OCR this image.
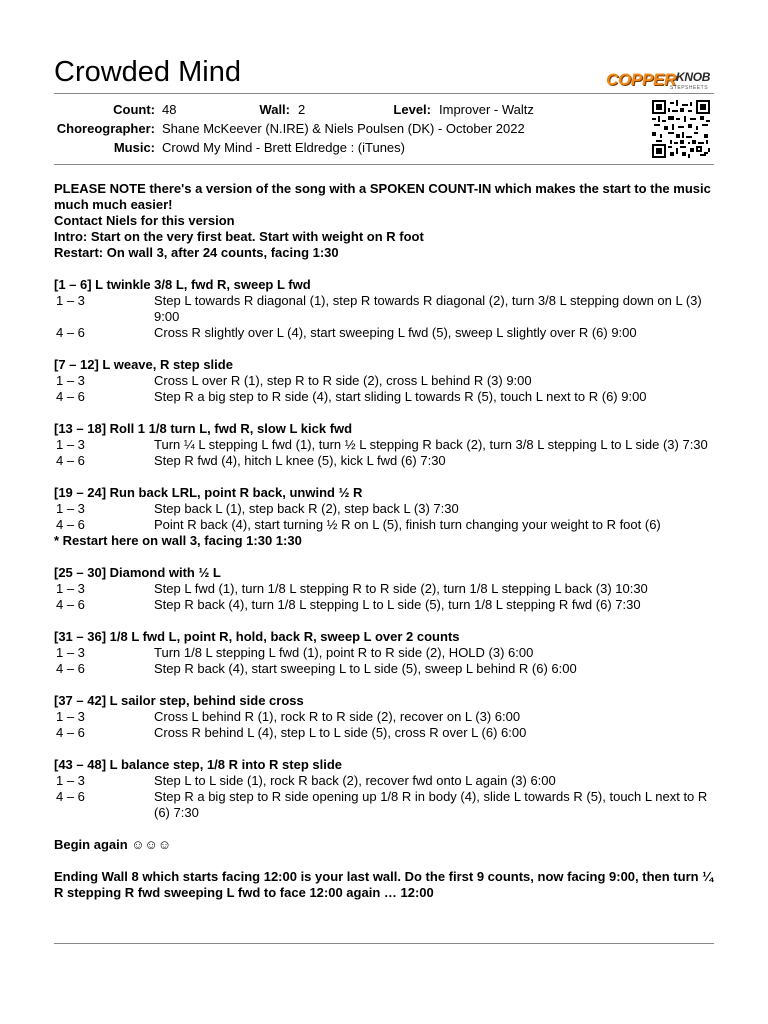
Crowded Mind	$COPPER^{KNOB}$
STEPSHEETS
Count: 48	Wall: 2	Level: Improver - Waltz
Choreographer: Shane McKeever (N.IRE) & Niels Poulsen (DK) - October 2022
Music: Crowd My Mind - Brett Eldredge : (iTunes)
PLEASE NOTE there's a version of the song with a SPOKEN COUNT-IN which makes the start to the music much much easier!
Contact Niels for this version
Intro: Start on the very first beat. Start with weight on R foot
Restart: On wall 3, after 24 counts, facing 1:30
[1 – 6] L twinkle 3/8 L, fwd R, sweep L fwd
1 – 3	Step L towards R diagonal (1), step R towards R diagonal (2), turn 3/8 L stepping down on L (3) 9:00
4 – 6	Cross R slightly over L (4), start sweeping L fwd (5), sweep L slightly over R (6) 9:00
[7 – 12] L weave, R step slide
1 – 3	Cross L over R (1), step R to R side (2), cross L behind R (3) 9:00
4 – 6	Step R a big step to R side (4), start sliding L towards R (5), touch L next to R (6) 9:00
[13 – 18] Roll 1 1/8 turn L, fwd R, slow L kick fwd
1 – 3	Turn ¼ L stepping L fwd (1), turn ½ L stepping R back (2), turn 3/8 L stepping L to L side (3) 7:30
4 – 6	Step R fwd (4), hitch L knee (5), kick L fwd (6) 7:30
[19 – 24] Run back LRL, point R back, unwind ½ R
1 – 3	Step back L (1), step back R (2), step back L (3) 7:30
4 – 6	Point R back (4), start turning ½ R on L (5), finish turn changing your weight to R foot (6)
* Restart here on wall 3, facing 1:30 1:30
[25 – 30] Diamond with ½ L
1 – 3	Step L fwd (1), turn 1/8 L stepping R to R side (2), turn 1/8 L stepping L back (3) 10:30
4 – 6	Step R back (4), turn 1/8 L stepping L to L side (5), turn 1/8 L stepping R fwd (6) 7:30
[31 – 36] 1/8 L fwd L, point R, hold, back R, sweep L over 2 counts
1 – 3	Turn 1/8 L stepping L fwd (1), point R to R side (2), HOLD (3) 6:00
4 – 6	Step R back (4), start sweeping L to L side (5), sweep L behind R (6) 6:00
[37 – 42] L sailor step, behind side cross
1 – 3	Cross L behind R (1), rock R to R side (2), recover on L (3) 6:00
4 – 6	Cross R behind L (4), step L to L side (5), cross R over L (6) 6:00
[43 – 48] L balance step, 1/8 R into R step slide
1 – 3	Step L to L side (1), rock R back (2), recover fwd onto L again (3) 6:00
4 – 6	Step R a big step to R side opening up 1/8 R in body (4), slide L towards R (5), touch L next to R (6) 7:30
Begin again ☺☺☺
Ending Wall 8 which starts facing 12:00 is your last wall. Do the first 9 counts, now facing 9:00, then turn ¼ R stepping R fwd sweeping L fwd to face 12:00 again … 12:00
